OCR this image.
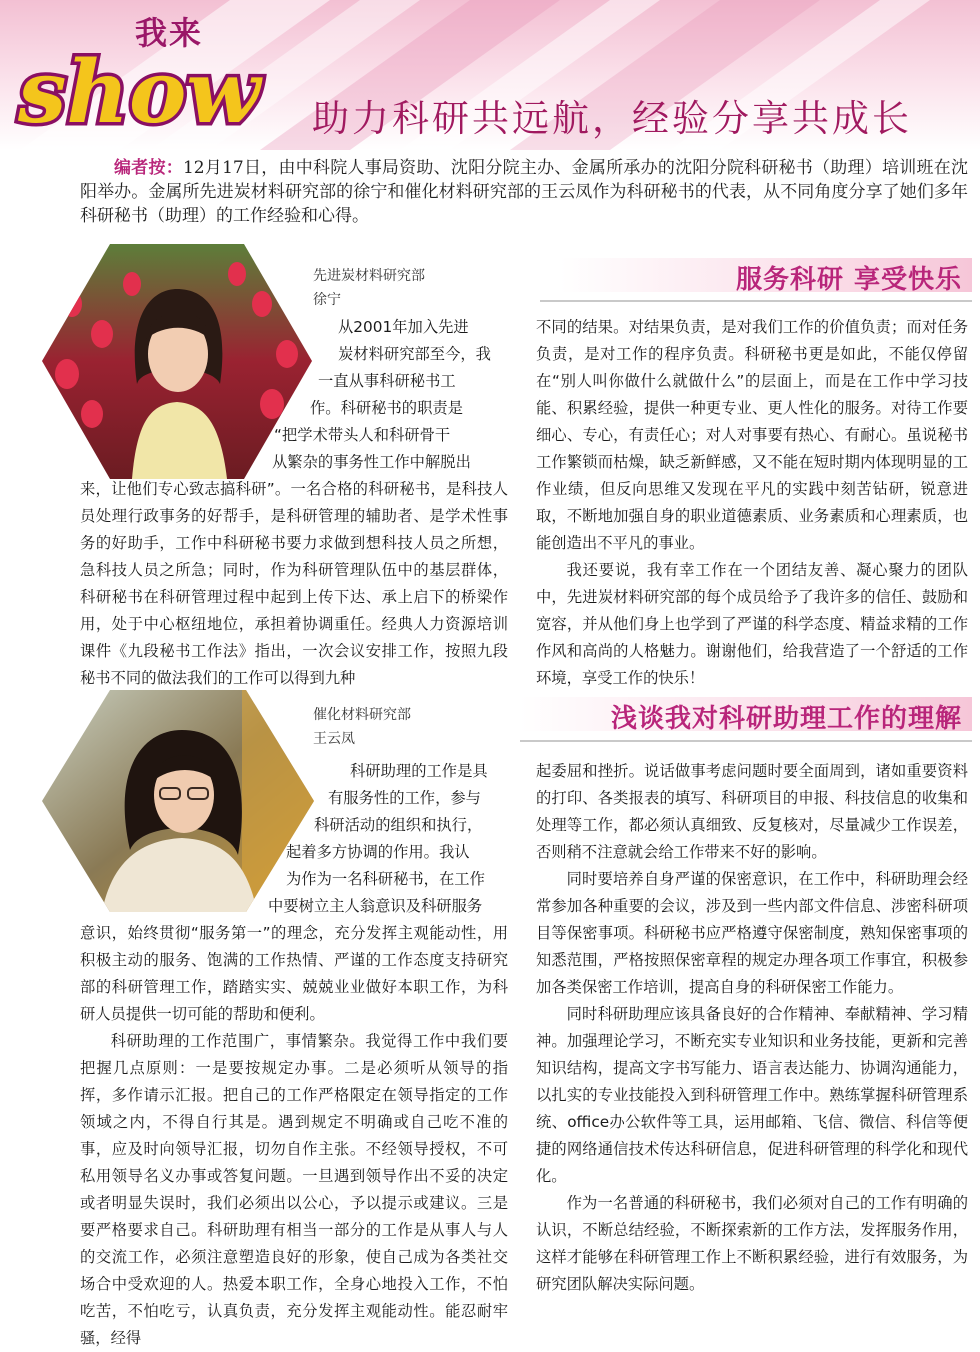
我来
show 助力科研共远航，经验分享共成长
编者按：12月17日，由中科院人事局资助、沈阳分院主办、金属所承办的沈阳分院科研秘书（助理）培训班在沈阳举办。金属所先进炭材料研究部的徐宁和催化材料研究部的王云凤作为科研秘书的代表，从不同角度分享了她们多年科研秘书（助理）的工作经验和心得。
先进炭材料研究部
徐宁
服务科研 享受快乐

从2001年加入先进

炭材料研究部至今，我

一直从事科研秘书工

作。科研秘书的职责是

“把学术带头人和科研骨干

从繁杂的事务性工作中解脱出

来，让他们专心致志搞科研”。一名合格的科研秘书，是科技人员处理行政事务的好帮手，是科研管理的辅助者、是学术性事务的好助手，工作中科研秘书要力求做到想科技人员之所想，急科技人员之所急；同时，作为科研管理队伍中的基层群体，科研秘书在科研管理过程中起到上传下达、承上启下的桥梁作用，处于中心枢纽地位，承担着协调重任。经典人力资源培训课件《九段秘书工作法》指出，一次会议安排工作，按照九段秘书不同的做法我们的工作可以得到九种

不同的结果。对结果负责，是对我们工作的价值负责；而对任务负责，是对工作的程序负责。科研秘书更是如此，不能仅停留在“别人叫你做什么就做什么”的层面上，而是在工作中学习技能、积累经验，提供一种更专业、更人性化的服务。对待工作要细心、专心，有责任心；对人对事要有热心、有耐心。虽说秘书工作繁锁而枯燥，缺乏新鲜感，又不能在短时期内体现明显的工作业绩，但反向思维又发现在平凡的实践中刻苦钻研，锐意进取，不断地加强自身的职业道德素质、业务素质和心理素质，也能创造出不平凡的事业。

我还要说，我有幸工作在一个团结友善、凝心聚力的团队中，先进炭材料研究部的每个成员给予了我许多的信任、鼓励和宽容，并从他们身上也学到了严谨的科学态度、精益求精的工作作风和高尚的人格魅力。谢谢他们，给我营造了一个舒适的工作环境，享受工作的快乐！

催化材料研究部
王云凤
浅谈我对科研助理工作的理解

科研助理的工作是具

有服务性的工作，参与

科研活动的组织和执行，

起着多方协调的作用。我认

为作为一名科研秘书，在工作

中要树立主人翁意识及科研服务

意识，始终贯彻“服务第一”的理念，充分发挥主观能动性，用积极主动的服务、饱满的工作热情、严谨的工作态度支持研究部的科研管理工作，踏踏实实、兢兢业业做好本职工作，为科研人员提供一切可能的帮助和便利。

科研助理的工作范围广，事情繁杂。我觉得工作中我们要把握几点原则：一是要按规定办事。二是必须听从领导的指挥，多作请示汇报。把自己的工作严格限定在领导指定的工作领域之内，不得自行其是。遇到规定不明确或自己吃不准的事，应及时向领导汇报，切勿自作主张。不经领导授权，不可私用领导名义办事或答复问题。一旦遇到领导作出不妥的决定或者明显失误时，我们必须出以公心，予以提示或建议。三是要严格要求自己。科研助理有相当一部分的工作是从事人与人的交流工作，必须注意塑造良好的形象，使自己成为各类社交场合中受欢迎的人。热爱本职工作，全身心地投入工作，不怕吃苦，不怕吃亏，认真负责，充分发挥主观能动性。能忍耐牢骚，经得

起委屈和挫折。说话做事考虑问题时要全面周到，诸如重要资料的打印、各类报表的填写、科研项目的申报、科技信息的收集和处理等工作，都必须认真细致、反复核对，尽量减少工作误差，否则稍不注意就会给工作带来不好的影响。

同时要培养自身严谨的保密意识，在工作中，科研助理会经常参加各种重要的会议，涉及到一些内部文件信息、涉密科研项目等保密事项。科研秘书应严格遵守保密制度，熟知保密事项的知悉范围，严格按照保密章程的规定办理各项工作事宜，积极参加各类保密工作培训，提高自身的科研保密工作能力。

同时科研助理应该具备良好的合作精神、奉献精神、学习精神。加强理论学习，不断充实专业知识和业务技能，更新和完善知识结构，提高文字书写能力、语言表达能力、协调沟通能力，以扎实的专业技能投入到科研管理工作中。熟练掌握科研管理系统、office办公软件等工具，运用邮箱、飞信、微信、科信等便捷的网络通信技术传达科研信息，促进科研管理的科学化和现代化。

作为一名普通的科研秘书，我们必须对自己的工作有明确的认识，不断总结经验，不断探索新的工作方法，发挥服务作用，这样才能够在科研管理工作上不断积累经验，进行有效服务，为研究团队解决实际问题。
